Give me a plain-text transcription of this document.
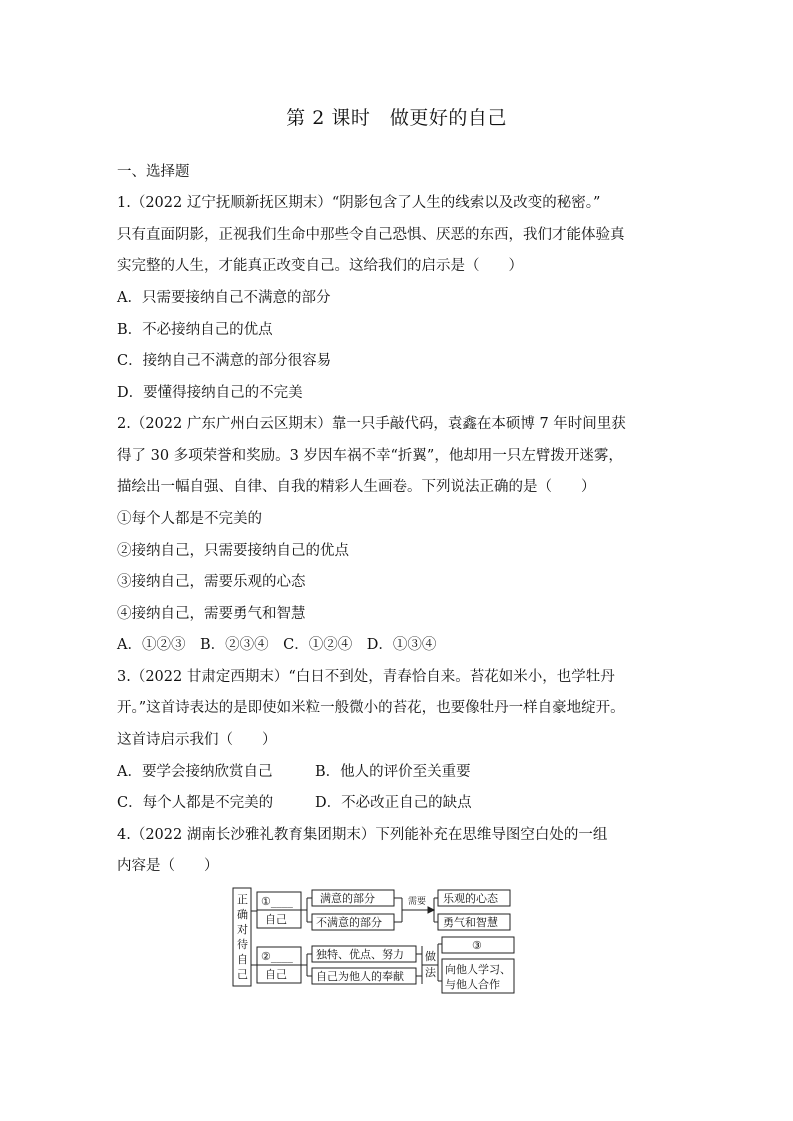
第 2 课时　做更好的自己
一、选择题
1.（2022 辽宁抚顺新抚区期末）“阴影包含了人生的线索以及改变的秘密。”
只有直面阴影，正视我们生命中那些令自己恐惧、厌恶的东西，我们才能体验真
实完整的人生，才能真正改变自己。这给我们的启示是（　　）
A．只需要接纳自己不满意的部分
B．不必接纳自己的优点
C．接纳自己不满意的部分很容易
D．要懂得接纳自己的不完美
2.（2022 广东广州白云区期末）靠一只手敲代码，袁鑫在本硕博 7 年时间里获
得了 30 多项荣誉和奖励。3 岁因车祸不幸“折翼”，他却用一只左臂拨开迷雾，
描绘出一幅自强、自律、自我的精彩人生画卷。下列说法正确的是（　　）
①每个人都是不完美的
②接纳自己，只需要接纳自己的优点
③接纳自己，需要乐观的心态
④接纳自己，需要勇气和智慧
A．①②③　B．②③④　C．①②④　D．①③④
3.（2022 甘肃定西期末）“白日不到处，青春恰自来。苔花如米小，也学牡丹
开。”这首诗表达的是即使如米粒一般微小的苔花，也要像牡丹一样自豪地绽开。
这首诗启示我们（　　）
A．要学会接纳欣赏自己	B．他人的评价至关重要
C．每个人都是不完美的	D．不必改正自己的缺点
4.（2022 湖南长沙雅礼教育集团期末）下列能补充在思维导图空白处的一组
内容是（　　）
正
确
对
待
自
己
①____
自己
满意的部分
不满意的部分
需要 乐观的心态
勇气和智慧
②____
自己
独特、优点、努力
自己为他人的奉献
做
法
③
向他人学习、
与他人合作
